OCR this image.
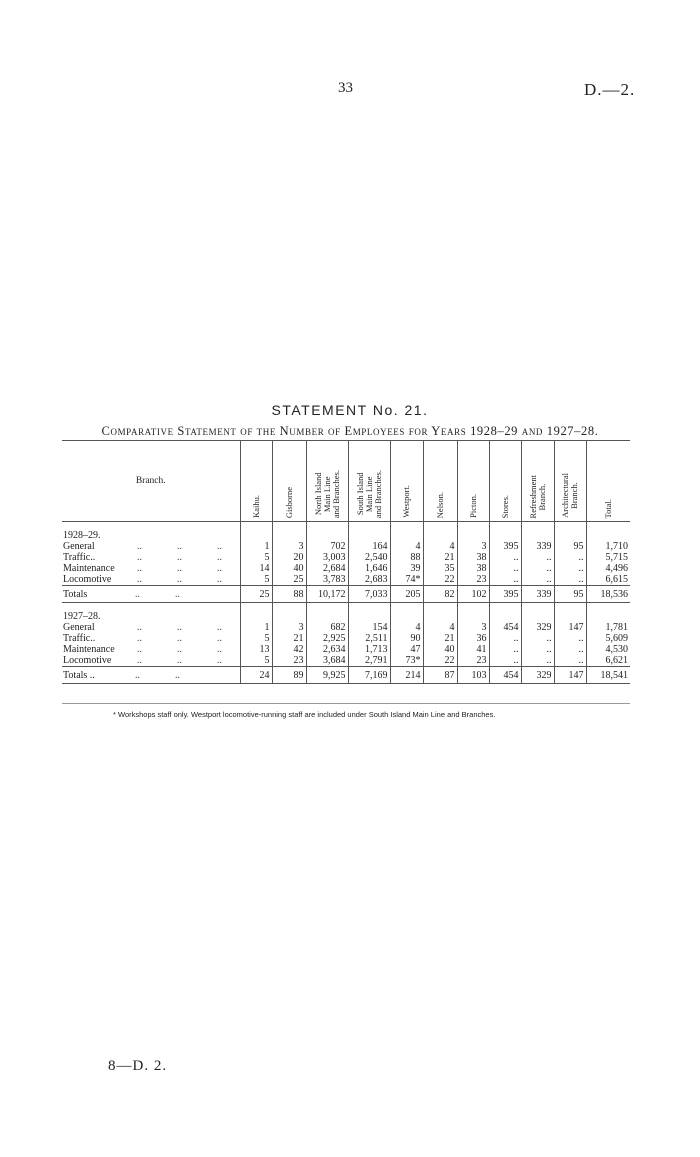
33	D.—2.
STATEMENT No. 21.
Comparative Statement of the Number of Employees for Years 1928–29 and 1927–28.
Branch.	Kaihu.	Gisborne	North Island
Main Line
and Branches.	South Island
Main Line
and Branches.	Westport.	Nelson.	Picton.	Stores.	Refreshment
Branch.	Architectural
Branch.	Total.

1928–29.											
General .. .. ..	1	3	702	164	4	4	3	395	339	95	1,710
Traffic.. .. .. ..	5	20	3,003	2,540	88	21	38	..	..	..	5,715
Maintenance .. .. ..	14	40	2,684	1,646	39	35	38	..	..	..	4,496
Locomotive .. .. ..	5	25	3,783	2,683	74*	22	23	..	..	..	6,615
Totals .. ..	25	88	10,172	7,033	205	82	102	395	339	95	18,536

1927–28.											
General .. .. ..	1	3	682	154	4	4	3	454	329	147	1,781
Traffic.. .. .. ..	5	21	2,925	2,511	90	21	36	..	..	..	5,609
Maintenance .. .. ..	13	42	2,634	1,713	47	40	41	..	..	..	4,530
Locomotive .. .. ..	5	23	3,684	2,791	73*	22	23	..	..	..	6,621
Totals .. .. ..	24	89	9,925	7,169	214	87	103	454	329	147	18,541
* Workshops staff only. Westport locomotive-running staff are included under South Island Main Line and Branches.
8—D. 2.
